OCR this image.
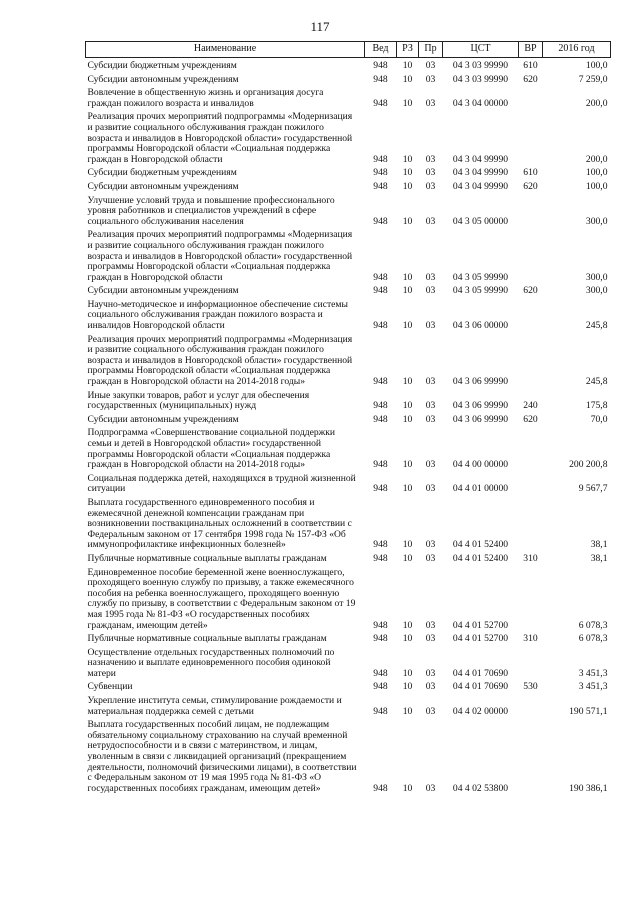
117
Наименование	Вед	РЗ	Пр	ЦСТ	ВР	2016 год
Субсидии бюджетным учреждениям	948	10	03	04 3 03 99990	610	100,0
Субсидии автономным учреждениям	948	10	03	04 3 03 99990	620	7 259,0
Вовлечение в общественную жизнь и организация досуга граждан пожилого возраста и инвалидов	948	10	03	04 3 04 00000		200,0
Реализация прочих мероприятий подпрограммы «Модернизация и развитие социального обслуживания граждан пожилого возраста и инвалидов в Новгородской области» государственной программы Новгородской области «Социальная поддержка граждан в Новгородской области	948	10	03	04 3 04 99990		200,0
Субсидии бюджетным учреждениям	948	10	03	04 3 04 99990	610	100,0
Субсидии автономным учреждениям	948	10	03	04 3 04 99990	620	100,0
Улучшение условий труда и повышение профессионального уровня работников и специалистов учреждений в сфере социального обслуживания населения	948	10	03	04 3 05 00000		300,0
Реализация прочих мероприятий подпрограммы «Модернизация и развитие социального обслуживания граждан пожилого возраста и инвалидов в Новгородской области» государственной программы Новгородской области «Социальная поддержка граждан в Новгородской области	948	10	03	04 3 05 99990		300,0
Субсидии автономным учреждениям	948	10	03	04 3 05 99990	620	300,0
Научно-методическое и информационное обеспечение системы социального обслуживания граждан пожилого возраста и инвалидов Новгородской области	948	10	03	04 3 06 00000		245,8
Реализация прочих мероприятий подпрограммы «Модернизация и развитие социального обслуживания граждан пожилого возраста и инвалидов в Новгородской области» государственной программы Новгородской области «Социальная поддержка граждан в Новгородской области на 2014-2018 годы»	948	10	03	04 3 06 99990		245,8
Иные закупки товаров, работ и услуг для обеспечения государственных (муниципальных) нужд	948	10	03	04 3 06 99990	240	175,8
Субсидии автономным учреждениям	948	10	03	04 3 06 99990	620	70,0
Подпрограмма «Совершенствование социальной поддержки семьи и детей в Новгородской области» государственной программы Новгородской области «Социальная поддержка граждан в Новгородской области на 2014-2018 годы»	948	10	03	04 4 00 00000		200 200,8
Социальная поддержка детей, находящихся в трудной жизненной ситуации	948	10	03	04 4 01 00000		9 567,7
Выплата государственного единовременного пособия и ежемесячной денежной компенсации гражданам при возникновении поствакцинальных осложнений в соответствии с Федеральным законом от 17 сентября 1998 года № 157-ФЗ «Об иммунопрофилактике инфекционных болезней»	948	10	03	04 4 01 52400		38,1
Публичные нормативные социальные выплаты гражданам	948	10	03	04 4 01 52400	310	38,1
Единовременное пособие беременной жене военнослужащего, проходящего военную службу по призыву, а также ежемесячного пособия на ребенка военнослужащего, проходящего военную службу по призыву, в соответствии с Федеральным законом от 19 мая 1995 года № 81-ФЗ «О государственных пособиях гражданам, имеющим детей»	948	10	03	04 4 01 52700		6 078,3
Публичные нормативные социальные выплаты гражданам	948	10	03	04 4 01 52700	310	6 078,3
Осуществление отдельных государственных полномочий по назначению и выплате единовременного пособия одинокой матери	948	10	03	04 4 01 70690		3 451,3
Субвенции	948	10	03	04 4 01 70690	530	3 451,3
Укрепление института семьи, стимулирование рождаемости и материальная поддержка семей с детьми	948	10	03	04 4 02 00000		190 571,1
Выплата государственных пособий лицам, не подлежащим обязательному социальному страхованию на случай временной нетрудоспособности и в связи с материнством, и лицам, уволенным в связи с ликвидацией организаций (прекращением деятельности, полномочий физическими лицами), в соответствии с Федеральным законом от 19 мая 1995 года № 81-ФЗ «О государственных пособиях гражданам, имеющим детей»	948	10	03	04 4 02 53800		190 386,1
